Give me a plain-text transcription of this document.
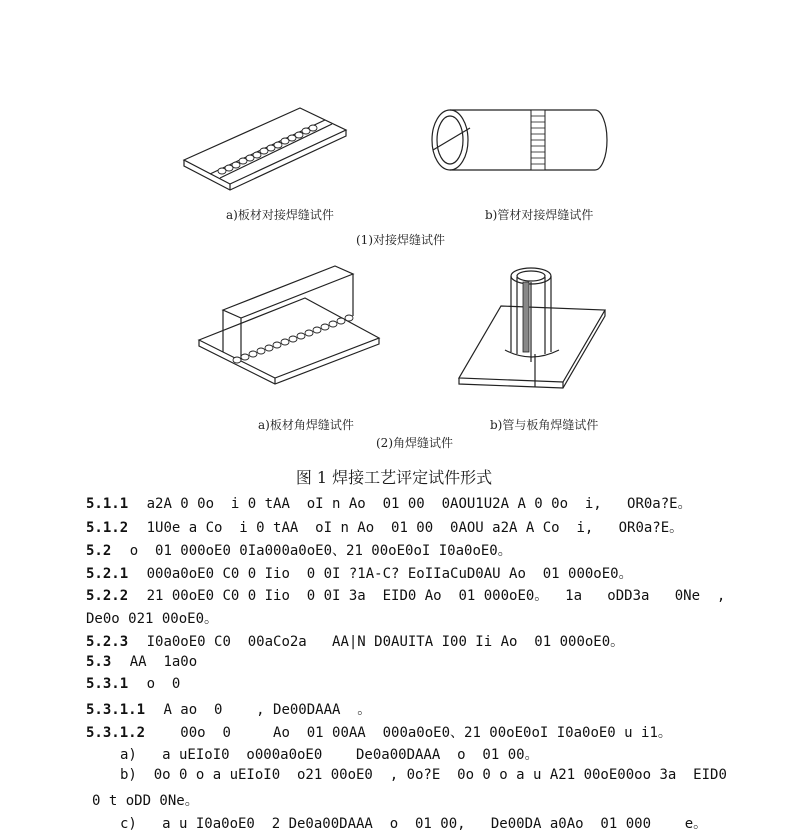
a)板材对接焊缝试件	b)管材对接焊缝试件
(1)对接焊缝试件
a)板材角焊缝试件	b)管与板角焊缝试件
(2)角焊缝试件
图 1 焊接工艺评定试件形式
5.1.1 a2A 0 0o  i 0 tAA  oI n Ao  01 00  0AOU1U2A A 0 0o  i,   OR0a?E。
5.1.2 1U0e a Co  i 0 tAA  oI n Ao  01 00  0AOU a2A A Co  i,   OR0a?E。
5.2 o  01 000oE0 0Ia000a0oE0、21 00oE0oI I0a0oE0。
5.2.1 000a0oE0 C0 0 Iio  0 0I ?1A-C? EoIIaCuD0AU Ao  01 000oE0。
5.2.2 21 00oE0 C0 0 Iio  0 0I 3a  EID0 Ao  01 000oE0。  1a   oDD3a   0Ne  ,
De0o 021 00oE0。
5.2.3 I0a0oE0 C0  00aCo2a   AA|N D0AUITA I00 Ii Ao  01 000oE0。
5.3 AA  1a0o
5.3.1 o  0
5.3.1.1 A ao  0    , De00DAAA  。
5.3.1.2   00o  0     Ao  01 00AA  000a0oE0、21 00oE0oI I0a0oE0 u i1。
a)   a uEIoI0  o000a0oE0    De0a00DAAA  o  01 00。
b)  0o 0 o a uEIoI0  o21 00oE0  , 0o?E  0o 0 o a u A21 00oE00oo 3a  EID0
0 t oDD 0Ne。
c)   a u I0a0oE0  2 De0a00DAAA  o  01 00,   De00DA a0Ao  01 000    e。
